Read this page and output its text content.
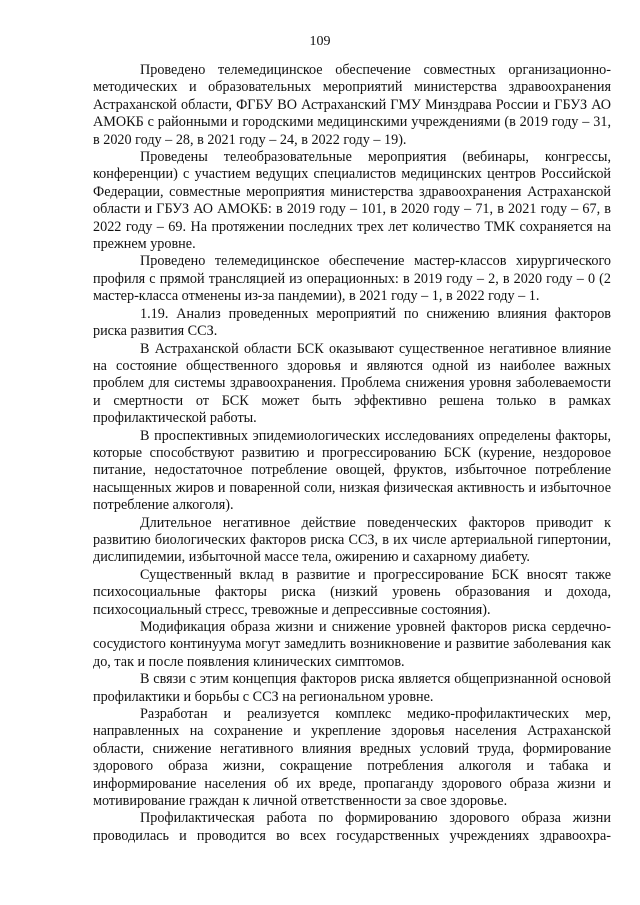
109

Проведено телемедицинское обеспечение совместных организационно-методических и образовательных мероприятий министерства здравоохранения Астраханской области, ФГБУ ВО Астраханский ГМУ Минздрава России и ГБУЗ АО АМОКБ с районными и городскими медицинскими учреждениями (в 2019 году – 31, в 2020 году – 28, в 2021 году – 24, в 2022 году – 19).

Проведены телеобразовательные мероприятия (вебинары, конгрессы, конференции) с участием ведущих специалистов медицинских центров Российской Федерации, совместные мероприятия министерства здравоохранения Астраханской области и ГБУЗ АО АМОКБ: в 2019 году – 101, в 2020 году – 71, в 2021 году – 67, в 2022 году – 69. На протяжении последних трех лет количество ТМК сохраняется на прежнем уровне.

Проведено телемедицинское обеспечение мастер-классов хирургического профиля с прямой трансляцией из операционных: в 2019 году – 2, в 2020 году – 0 (2 мастер-класса отменены из-за пандемии), в 2021 году – 1, в 2022 году – 1.

1.19. Анализ проведенных мероприятий по снижению влияния факторов риска развития ССЗ.

В Астраханской области БСК оказывают существенное негативное влияние на состояние общественного здоровья и являются одной из наиболее важных проблем для системы здравоохранения. Проблема снижения уровня заболеваемости и смертности от БСК может быть эффективно решена только в рамках профилактической работы.

В проспективных эпидемиологических исследованиях определены факторы, которые способствуют развитию и прогрессированию БСК (курение, нездоровое питание, недостаточное потребление овощей, фруктов, избыточное потребление насыщенных жиров и поваренной соли, низкая физическая активность и избыточное потребление алкоголя).

Длительное негативное действие поведенческих факторов приводит к развитию биологических факторов риска ССЗ, в их числе артериальной гипертонии, дислипидемии, избыточной массе тела, ожирению и сахарному диабету.

Существенный вклад в развитие и прогрессирование БСК вносят также психосоциальные факторы риска (низкий уровень образования и дохода, психосоциальный стресс, тревожные и депрессивные состояния).

Модификация образа жизни и снижение уровней факторов риска сердечно-сосудистого континуума могут замедлить возникновение и развитие заболевания как до, так и после появления клинических симптомов.

В связи с этим концепция факторов риска является общепризнанной основой профилактики и борьбы с ССЗ на региональном уровне.

Разработан и реализуется комплекс медико-профилактических мер, направленных на сохранение и укрепление здоровья населения Астраханской области, снижение негативного влияния вредных условий труда, формирование здорового образа жизни, сокращение потребления алкоголя и табака и информирование населения об их вреде, пропаганду здорового образа жизни и мотивирование граждан к личной ответственности за свое здоровье.

Профилактическая работа по формированию здорового образа жизни проводилась и проводится во всех государственных учреждениях здравоохра-
